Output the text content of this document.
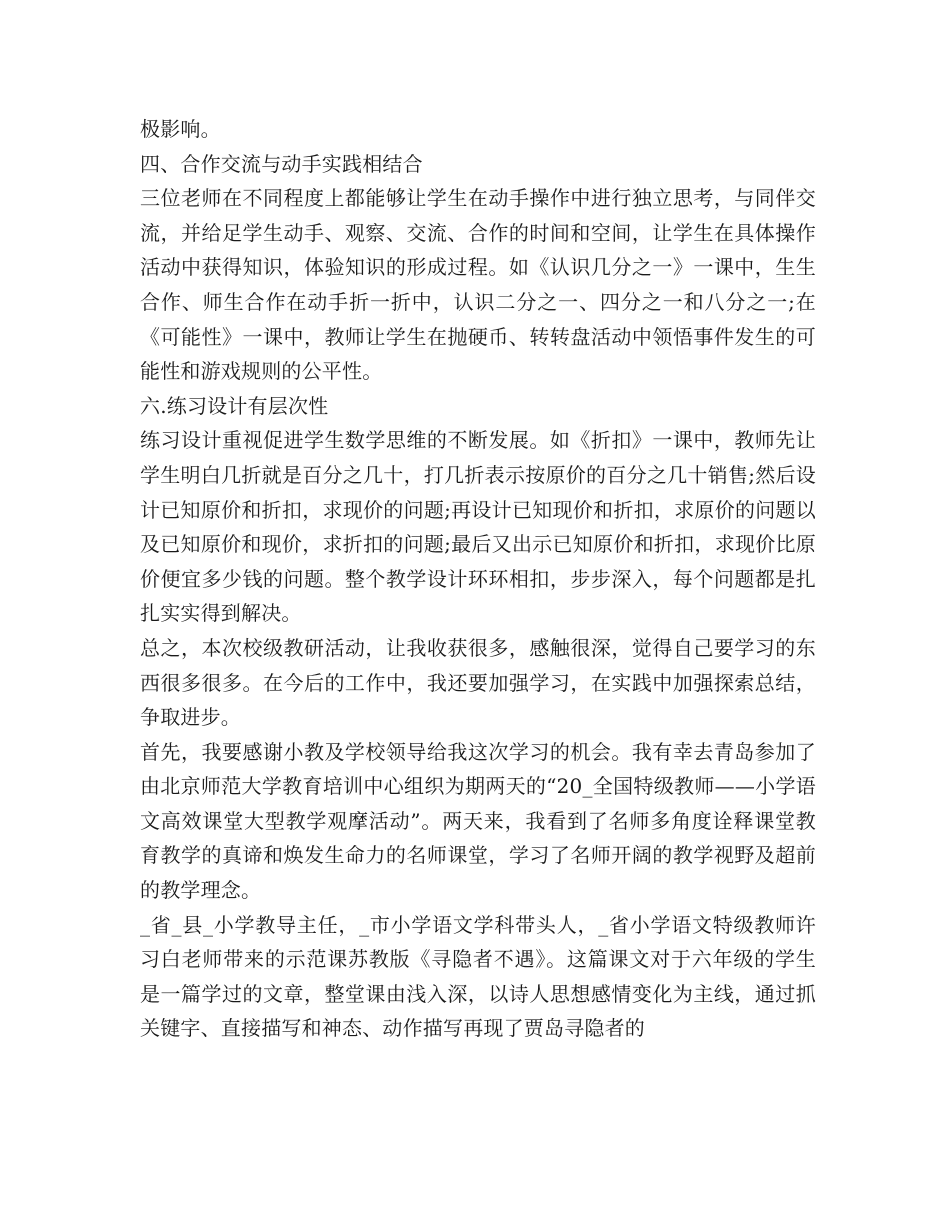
极影响。

四、合作交流与动手实践相结合

三位老师在不同程度上都能够让学生在动手操作中进行独立思考，与同伴交流，并给足学生动手、观察、交流、合作的时间和空间，让学生在具体操作活动中获得知识，体验知识的形成过程。如《认识几分之一》一课中，生生合作、师生合作在动手折一折中，认识二分之一、四分之一和八分之一;在《可能性》一课中，教师让学生在抛硬币、转转盘活动中领悟事件发生的可能性和游戏规则的公平性。

六.练习设计有层次性

练习设计重视促进学生数学思维的不断发展。如《折扣》一课中，教师先让学生明白几折就是百分之几十，打几折表示按原价的百分之几十销售;然后设计已知原价和折扣，求现价的问题;再设计已知现价和折扣，求原价的问题以及已知原价和现价，求折扣的问题;最后又出示已知原价和折扣，求现价比原价便宜多少钱的问题。整个教学设计环环相扣，步步深入，每个问题都是扎扎实实得到解决。

总之，本次校级教研活动，让我收获很多，感触很深，觉得自己要学习的东西很多很多。在今后的工作中，我还要加强学习，在实践中加强探索总结，争取进步。

首先，我要感谢小教及学校领导给我这次学习的机会。我有幸去青岛参加了由北京师范大学教育培训中心组织为期两天的“20_全国特级教师——小学语文高效课堂大型教学观摩活动”。两天来，我看到了名师多角度诠释课堂教育教学的真谛和焕发生命力的名师课堂，学习了名师开阔的教学视野及超前的教学理念。

_省_县_小学教导主任，_市小学语文学科带头人，_省小学语文特级教师许习白老师带来的示范课苏教版《寻隐者不遇》。这篇课文对于六年级的学生是一篇学过的文章，整堂课由浅入深，以诗人思想感情变化为主线，通过抓关键字、直接描写和神态、动作描写再现了贾岛寻隐者的
